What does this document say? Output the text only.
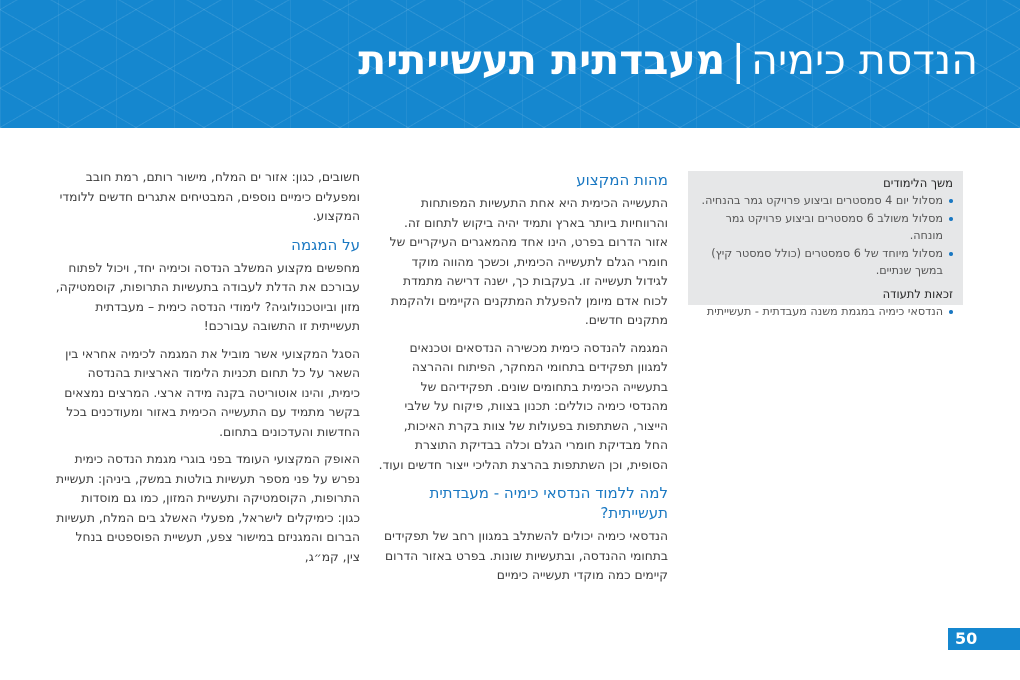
הנדסת כימיה|מעבדתית תעשייתית
משך הלימודים
מסלול יום 4 סמסטרים וביצוע פרויקט גמר בהנחיה.
מסלול משולב 6 סמסטרים וביצוע פרויקט גמר מונחה.
מסלול מיוחד של 6 סמסטרים (כולל סמסטר קיץ) במשך שנתיים.
זכאות לתעודה
הנדסאי כימיה במגמת משנה מעבדתית - תעשייתית
מהות המקצוע

התעשייה הכימית היא אחת התעשיות המפותחות והרווחיות ביותר בארץ ותמיד יהיה ביקוש לתחום זה. אזור הדרום בפרט, הינו אחד מהמאגרים העיקריים של חומרי הגלם לתעשייה הכימית, וכשכך מהווה מוקד לגידול תעשייה זו. בעקבות כך, ישנה דרישה מתמדת לכוח אדם מיומן להפעלת המתקנים הקיימים ולהקמת מתקנים חדשים.

המגמה להנדסה כימית מכשירה הנדסאים וטכנאים למגוון תפקידים בתחומי המחקר, הפיתוח וההרצה בתעשייה הכימית בתחומים שונים. תפקידיהם של מהנדסי כימיה כוללים: תכנון בצוות, פיקוח על שלבי הייצור, השתתפות בפעולות של צוות בקרת האיכות, החל מבדיקת חומרי הגלם וכלה בבדיקת התוצרת הסופית, וכן השתתפות בהרצת תהליכי ייצור חדשים ועוד.

למה ללמוד הנדסאי כימיה - מעבדתית תעשייתית?

הנדסאי כימיה יכולים להשתלב במגוון רחב של תפקידים בתחומי ההנדסה, ובתעשיות שונות. בפרט באזור הדרום קיימים כמה מוקדי תעשייה כימיים

חשובים, כגון: אזור ים המלח, מישור רותם, רמת חובב ומפעלים כימיים נוספים, המבטיחים אתגרים חדשים ללומדי המקצוע.

על המגמה

מחפשים מקצוע המשלב הנדסה וכימיה יחד, ויכול לפתוח עבורכם את הדלת לעבודה בתעשיות התרופות, קוסמטיקה, מזון וביוטכנולוגיה? לימודי הנדסה כימית – מעבדתית תעשייתית זו התשובה עבורכם!

הסגל המקצועי אשר מוביל את המגמה לכימיה אחראי בין השאר על כל תחום תכניות הלימוד הארציות בהנדסה כימית, והינו אוטוריטה בקנה מידה ארצי. המרצים נמצאים בקשר מתמיד עם התעשייה הכימית באזור ומעודכנים בכל החדשות והעדכונים בתחום.

האופק המקצועי העומד בפני בוגרי מגמת הנדסה כימית נפרש על פני מספר תעשיות בולטות במשק, ביניהן: תעשיית התרופות, הקוסמטיקה ותעשיית המזון, כמו גם מוסדות כגון: כימיקלים לישראל, מפעלי האשלג בים המלח, תעשיות הברום והמגניזם במישור צפע, תעשיית הפוספטים בנחל צין, קמ״ג,

50
